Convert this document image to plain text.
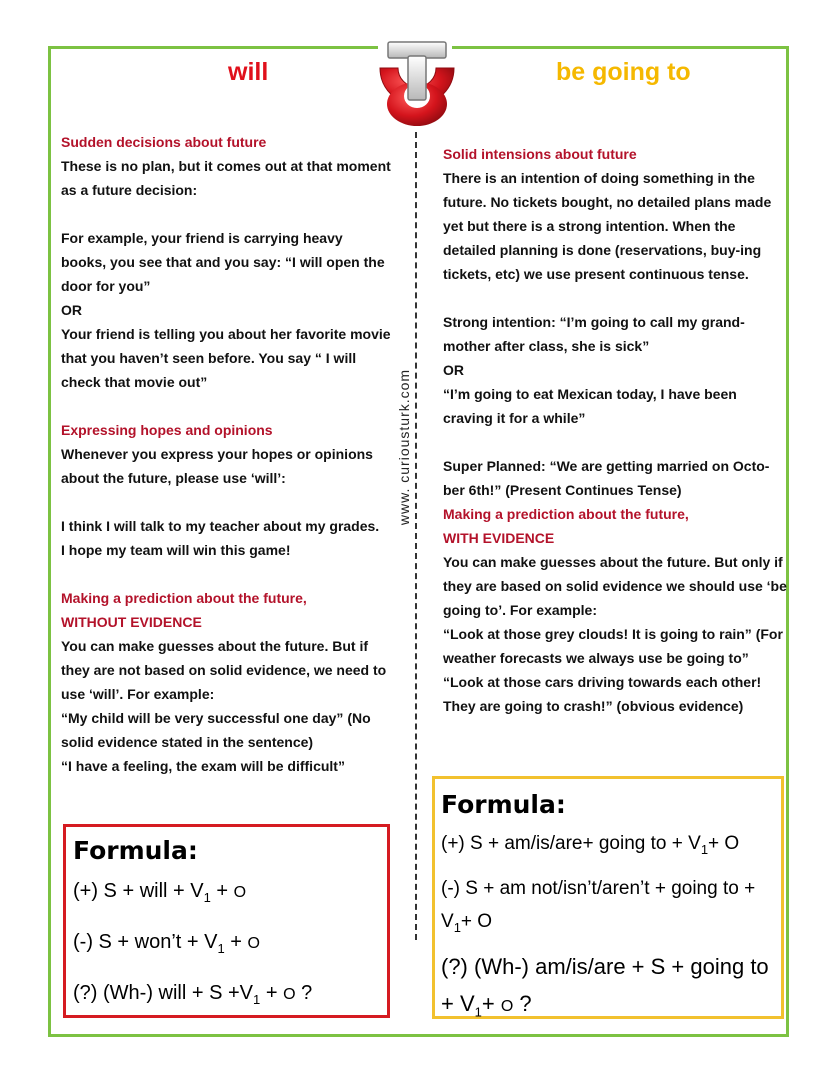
will	be going to
www. curiousturk.com

Sudden decisions about future

These is no plan, but it comes out at that moment as a future decision:

For example, your friend is carrying heavy books, you see that and you say: “I will open the door for you”

OR

Your friend is telling you about her favorite movie that you haven’t seen before. You say “ I will check that movie out”

Expressing hopes and opinions

Whenever you express your hopes or opinions about the future, please use ‘will’:

I think I will talk to my teacher about my grades.

I hope my team will win this game!

Making a prediction about the future,

WITHOUT EVIDENCE

You can make guesses about the future. But if they are not based on solid evidence, we need to use ‘will’. For example:

“My child will be very successful one day” (No solid evidence stated in the sentence)

“I have a feeling, the exam will be difficult”

Solid intensions about future

There is an intention of doing something in the future. No tickets bought, no detailed plans made yet but there is a strong intention. When the detailed planning is done (reservations, buy-ing tickets, etc) we use present continuous tense.

Strong intention: “I’m going to call my grand-mother after class, she is sick”

OR

“I’m going to eat Mexican today, I have been craving it for a while”

Super Planned: “We are getting married on Octo-ber 6th!” (Present Continues Tense)

Making a prediction about the future,

WITH EVIDENCE

You can make guesses about the future. But only if they are based on solid evidence we should use ‘be going to’. For example:

“Look at those grey clouds! It is going to rain” (For weather forecasts we always use be going to”

“Look at those cars driving towards each other! They are going to crash!” (obvious evidence)

Formula:
(+) S + will + $V_1 + O$
(-) S + won’t + $V_1 + O$
(?) (Wh-) will + $S +V_1 + O$ ?
Formula:
(+) S + am/is/are+ going to + $V_1+ O$
(-) S + am not/isn’t/aren’t + going to + $V_1+ O$
(?) (Wh-) am/is/are + S + going to + $V_1+ O$ ?
